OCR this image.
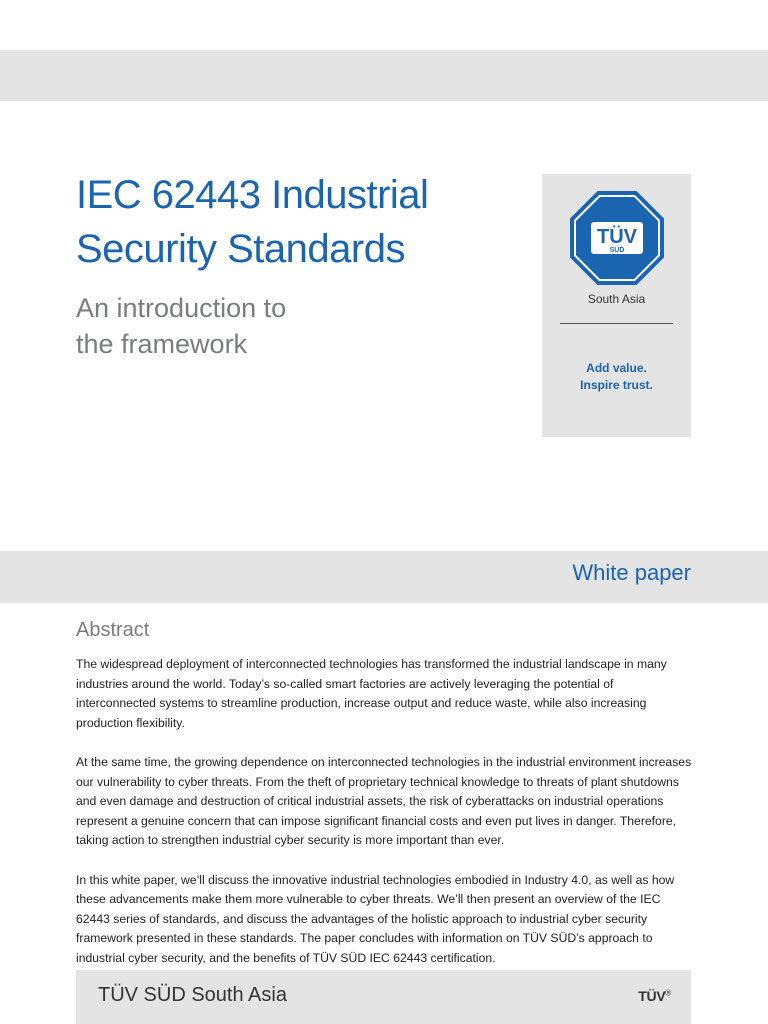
IEC 62443 Industrial
Security Standards
An introduction to
the framework
TÜV
SÜD
South Asia
Add value.
Inspire trust.
White paper
Abstract

The widespread deployment of interconnected technologies has transformed the industrial landscape in many industries around the world. Today’s so-called smart factories are actively leveraging the potential of interconnected systems to streamline production, increase output and reduce waste, while also increasing production flexibility.

At the same time, the growing dependence on interconnected technologies in the industrial environment increases our vulnerability to cyber threats. From the theft of proprietary technical knowledge to threats of plant shutdowns and even damage and destruction of critical industrial assets, the risk of cyberattacks on industrial operations represent a genuine concern that can impose significant financial costs and even put lives in danger. Therefore, taking action to strengthen industrial cyber security is more important than ever.

In this white paper, we’ll discuss the innovative industrial technologies embodied in Industry 4.0, as well as how these advancements make them more vulnerable to cyber threats. We’ll then present an overview of the IEC 62443 series of standards, and discuss the advantages of the holistic approach to industrial cyber security framework presented in these standards. The paper concludes with information on TÜV SÜD’s approach to industrial cyber security, and the benefits of TÜV SÜD IEC 62443 certification.

TÜV SÜD South Asia	TÜV®
